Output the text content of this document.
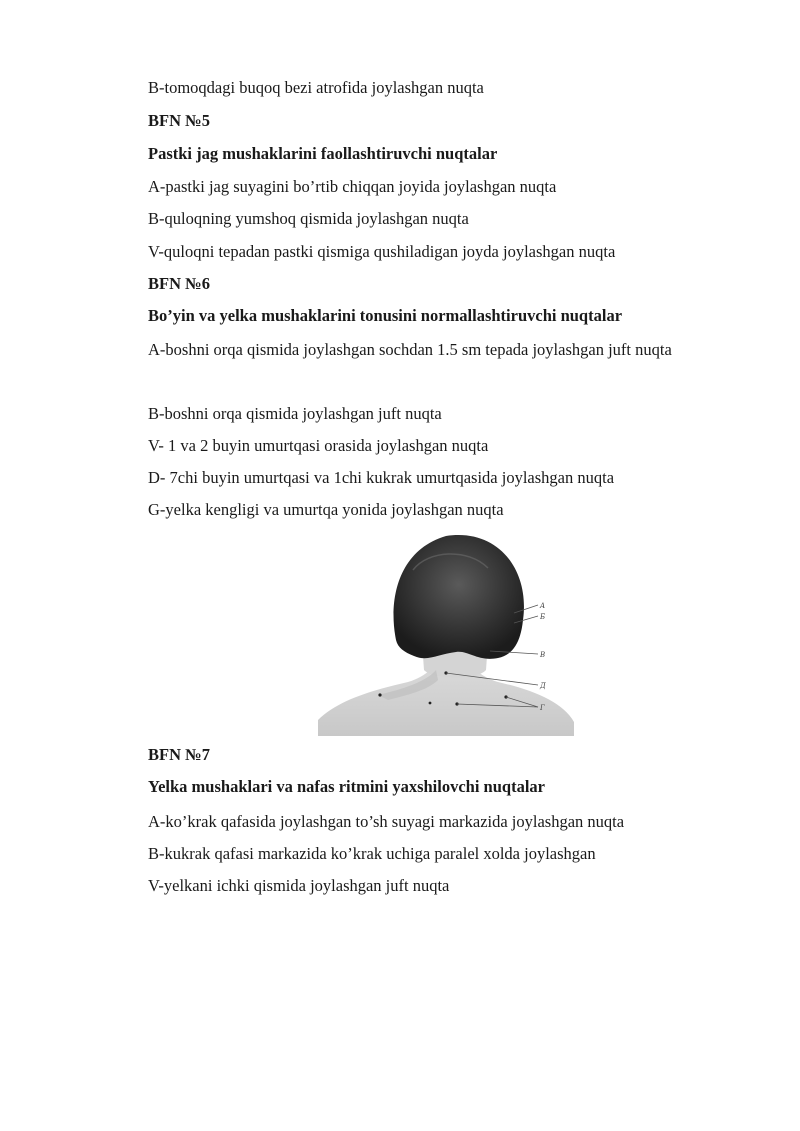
B-tomoqdagi buqoq bezi atrofida joylashgan nuqta
BFN №5
Pastki jag mushaklarini faollashtiruvchi nuqtalar
A-pastki jag suyagini bo’rtib chiqqan joyida joylashgan nuqta
B-quloqning yumshoq qismida joylashgan nuqta
V-quloqni tepadan pastki qismiga qushiladigan joyda joylashgan nuqta
BFN №6
Bo’yin va yelka mushaklarini tonusini normallashtiruvchi nuqtalar
A-boshni orqa qismida joylashgan sochdan 1.5 sm tepada joylashgan juft nuqta
B-boshni orqa qismida joylashgan juft nuqta
V- 1 va 2 buyin umurtqasi orasida joylashgan nuqta
D- 7chi buyin umurtqasi va 1chi kukrak umurtqasida joylashgan nuqta
G-yelka kengligi va umurtqa yonida joylashgan nuqta
A
Б
В
Д
Г
BFN №7
Yelka mushaklari va nafas ritmini yaxshilovchi nuqtalar
A-ko’krak qafasida joylashgan to’sh suyagi markazida joylashgan nuqta
B-kukrak qafasi markazida ko’krak uchiga paralel xolda joylashgan
V-yelkani ichki qismida joylashgan juft nuqta
